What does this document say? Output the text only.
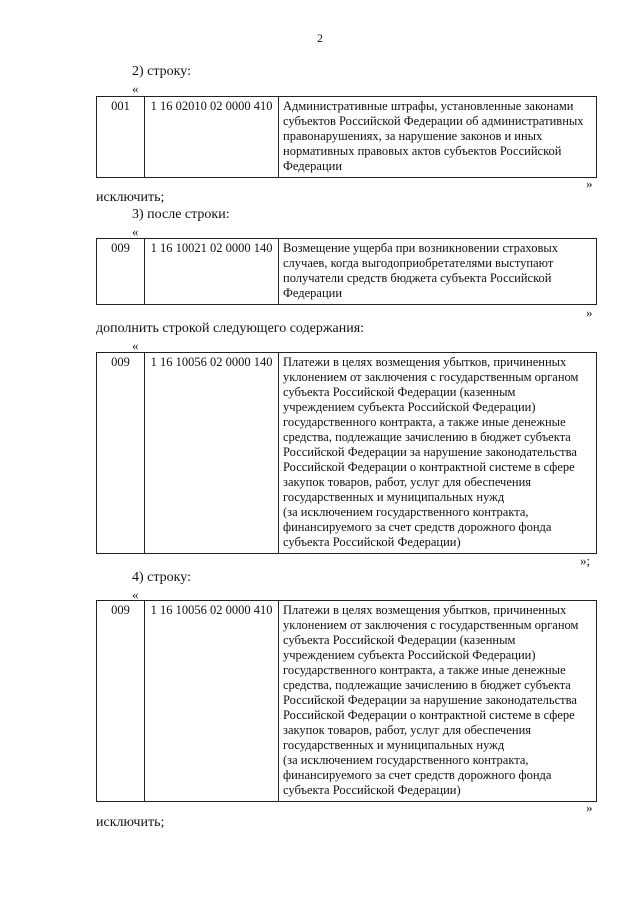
2
2) строку:
«
001	1 16 02010 02 0000 410	Административные штрафы, установленные законами
субъектов Российской Федерации об административных
правонарушениях, за нарушение законов и иных
нормативных правовых актов субъектов Российской
Федерации
»
исключить;
3) после строки:
«
009	1 16 10021 02 0000 140	Возмещение ущерба при возникновении страховых
случаев, когда выгодоприобретателями выступают
получатели средств бюджета субъекта Российской
Федерации
»
дополнить строкой следующего содержания:
«
009	1 16 10056 02 0000 140	Платежи в целях возмещения убытков, причиненных
уклонением от заключения с государственным органом
субъекта Российской Федерации (казенным
учреждением субъекта Российской Федерации)
государственного контракта, а также иные денежные
средства, подлежащие зачислению в бюджет субъекта
Российской Федерации за нарушение законодательства
Российской Федерации о контрактной системе в сфере
закупок товаров, работ, услуг для обеспечения
государственных и муниципальных нужд
(за исключением государственного контракта,
финансируемого за счет средств дорожного фонда
субъекта Российской Федерации)
»;
4) строку:
«
009	1 16 10056 02 0000 410	Платежи в целях возмещения убытков, причиненных
уклонением от заключения с государственным органом
субъекта Российской Федерации (казенным
учреждением субъекта Российской Федерации)
государственного контракта, а также иные денежные
средства, подлежащие зачислению в бюджет субъекта
Российской Федерации за нарушение законодательства
Российской Федерации о контрактной системе в сфере
закупок товаров, работ, услуг для обеспечения
государственных и муниципальных нужд
(за исключением государственного контракта,
финансируемого за счет средств дорожного фонда
субъекта Российской Федерации)
»
исключить;
